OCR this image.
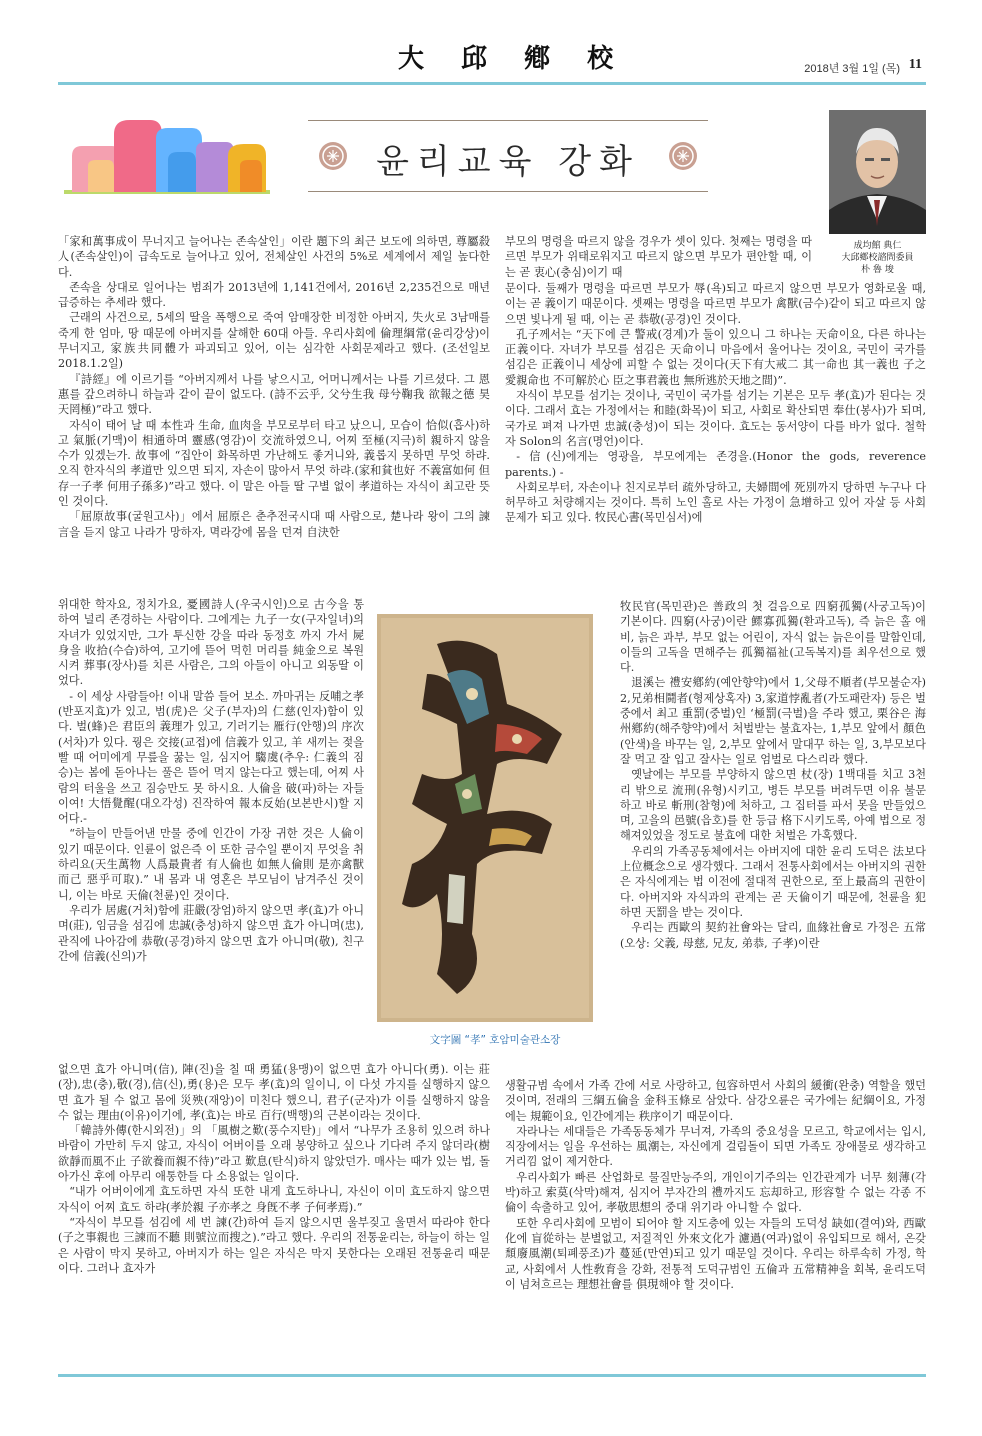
大 邱 鄕 校	2018년 3월 1일 (목) 11
윤리교육 강화
成均館 典仁
大邱鄕校諮問委員
朴 魯 埈

「家和萬事成이 무너지고 늘어나는 존속살인」이란 題下의 최근 보도에 의하면, 尊屬殺人(존속살인)이 급속도로 늘어나고 있어, 전체살인 사건의 5%로 세계에서 제일 높다한다.

존속을 상대로 일어나는 범죄가 2013년에 1,141건에서, 2016년 2,235건으로 매년 급증하는 추세라 했다.

근래의 사건으로, 5세의 딸을 폭행으로 죽여 암매장한 비정한 아버지, 失火로 3남매를 죽게 한 엄마, 땅 때문에 아버지를 살해한 60대 아들. 우리사회에 倫理綱常(윤리강상)이 무너지고, 家族共同體가 파괴되고 있어, 이는 심각한 사회문제라고 했다. (조선일보 2018.1.2일)

『詩經』에 이르기를 “아버지께서 나를 낳으시고, 어머니께서는 나를 기르셨다. 그 恩惠를 갚으려하니 하늘과 같이 끝이 없도다. (詩不云乎, 父兮生我 母兮鞠我 欲報之德 昊天罔極)”라고 했다.

자식이 태어 날 때 本性과 生命, 血肉을 부모로부터 타고 났으니, 모습이 恰似(흡사)하고 氣脈(기맥)이 相通하며 靈感(영감)이 交流하였으니, 어찌 至極(지극)히 親하지 않을 수가 있겠는가. 故事에 “집안이 화목하면 가난해도 좋거니와, 義롭지 못하면 무엇 하랴. 오직 한자식의 孝道만 있으면 되지, 자손이 많아서 무엇 하랴.(家和貧也好 不義富如何 但存一子孝 何用子孫多)”라고 했다. 이 말은 아들 딸 구별 없이 孝道하는 자식이 최고란 뜻인 것이다.

「屈原故事(굴원고사)」에서 屈原은 춘추전국시대 때 사람으로, 楚나라 왕이 그의 諫言을 듣지 않고 나라가 망하자, 멱라강에 몸을 던져 自決한

위대한 학자요, 정치가요, 憂國詩人(우국시인)으로 古今을 통하여 널리 존경하는 사람이다. 그에게는 九子一女(구자일녀)의 자녀가 있었지만, 그가 투신한 강을 따라 동정호 까지 가서 屍身을 收拾(수습)하여, 고기에 뜯어 먹힌 머리를 純金으로 복원시켜 葬事(장사)를 치른 사람은, 그의 아들이 아니고 외동딸 이었다.

- 이 세상 사람들아! 이내 말씀 들어 보소. 까마귀는 反哺之孝(반포지효)가 있고, 범(虎)은 父子(부자)의 仁慈(인자)함이 있다. 벌(蜂)은 君臣의 義理가 있고, 기러기는 雁行(안행)의 序次(서차)가 있다. 꿩은 交接(교접)에 信義가 있고, 羊 새끼는 젖을 빨 때 어미에게 무릎을 꿇는 일, 심지어 騶虞(추우: 仁義의 짐승)는 봄에 돋아나는 풀은 뜯어 먹지 않는다고 했는데, 어찌 사람의 터울을 쓰고 짐승만도 못 하시요. 人倫을 破(파)하는 자들이여! 大悟覺醒(대오각성) 진작하여 報本反始(보본반시)할 지어다.-

“하늘이 만들어낸 만물 중에 인간이 가장 귀한 것은 人倫이 있기 때문이다. 인륜이 없은즉 이 또한 금수일 뿐이지 무엇을 취 하리요(天生萬物 人爲最貴者 有人倫也 如無人倫則 是亦禽獸而己 惡乎可取).” 내 몸과 내 영혼은 부모님이 남겨주신 것이니, 이는 바로 天倫(천륜)인 것이다.

우리가 居處(거처)함에 莊嚴(장엄)하지 않으면 孝(효)가 아니며(莊), 임금을 섬김에 忠誠(충성)하지 않으면 효가 아니며(忠), 관직에 나아감에 恭敬(공경)하지 않으면 효가 아니며(敬), 친구 간에 信義(신의)가

없으면 효가 아니며(信), 陣(진)을 칠 때 勇猛(용맹)이 없으면 효가 아니다(勇). 이는 莊(장),忠(충),敬(경),信(신),勇(용)은 모두 孝(효)의 일이니, 이 다섯 가지를 실행하지 않으면 효가 될 수 없고 몸에 災殃(재앙)이 미친다 했으니, 君子(군자)가 이를 실행하지 않을 수 없는 理由(이유)이기에, 孝(효)는 바로 百行(백행)의 근본이라는 것이다.

「韓詩外傳(한시외전)」의 「風樹之歎(풍수지탄)」에서 “나무가 조용히 있으려 하나 바람이 가만히 두지 않고, 자식이 어버이를 오래 봉양하고 싶으나 기다려 주지 않더라(樹欲靜而風不止 子欲養而親不待)”라고 歎息(탄식)하지 않았던가. 매사는 때가 있는 법, 돌아가신 후에 아무리 애통한들 다 소용없는 일이다.

“내가 어버이에게 효도하면 자식 또한 내게 효도하나니, 자신이 이미 효도하지 않으면 자식이 어찌 효도 하랴(孝於親 子亦孝之 身旣不孝 子何孝焉).”

“자식이 부모를 섬김에 세 번 諫(간)하여 듣지 않으시면 울부짖고 울면서 따라야 한다(子之事親也 三諫而不聽 則號泣而搜之).”라고 했다. 우리의 전통윤리는, 하늘이 하는 일은 사람이 막지 못하고, 아버지가 하는 일은 자식은 막지 못한다는 오래된 전통윤리 때문이다. 그러나 효자가

文字圖 “孝” 호암미술관소장

부모의 명령을 따르지 않을 경우가 셋이 있다. 첫째는 명령을 따르면 부모가 위태로워지고 따르지 않으면 부모가 편안할 때, 이는 곧 衷心(충심)이기 때

문이다. 둘째가 명령을 따르면 부모가 辱(욕)되고 따르지 않으면 부모가 영화로울 때, 이는 곧 義이기 때문이다. 셋째는 명령을 따르면 부모가 禽獸(금수)같이 되고 따르지 않으면 빛나게 될 때, 이는 곧 恭敬(공경)인 것이다.

孔子께서는 “天下에 큰 警戒(경계)가 둘이 있으니 그 하나는 天命이요, 다른 하나는 正義이다. 자녀가 부모를 섬김은 天命이니 마음에서 울어나는 것이요, 국민이 국가를 섬김은 正義이니 세상에 피할 수 없는 것이다(天下有大戒二 其一命也 其一義也 子之愛親命也 不可解於心 臣之事君義也 無所逃於天地之間)”.

자식이 부모를 섬기는 것이나, 국민이 국가를 섬기는 기본은 모두 孝(효)가 된다는 것이다. 그래서 효는 가정에서는 和睦(화목)이 되고, 사회로 확산되면 奉仕(봉사)가 되며, 국가로 펴져 나가면 忠誠(충성)이 되는 것이다. 효도는 동서양이 다를 바가 없다. 철학자 Solon의 名言(명언)이다.

- 信(신)에게는 영광을, 부모에게는 존경을.(Honor the gods, reverence parents.) -

사회로부터, 자손이나 친지로부터 疏外당하고, 夫婦間에 死別까지 당하면 누구나 다 허무하고 처량해지는 것이다. 특히 노인 홀로 사는 가정이 急增하고 있어 자살 등 사회문제가 되고 있다. 牧民心書(목민심서)에

牧民官(목민관)은 善政의 첫 걸음으로 四窮孤獨(사궁고독)이 기본이다. 四窮(사궁)이란 鰥寡孤獨(환과고독), 즉 늙은 홀 애비, 늙은 과부, 부모 없는 어린이, 자식 없는 늙은이를 말함인데, 이들의 고독을 면해주는 孤獨福祉(고독복지)를 최우선으로 했다.

退溪는 禮安鄕約(예안향약)에서 1,父母不順者(부모불순자) 2,兄弟相鬪者(형제상혹자) 3,家道悖亂者(가도패란자) 등은 벌 중에서 최고 重罰(중벌)인 ‘極罰(극벌)을 주라 했고, 栗谷은 海州鄕約(해주향약)에서 처벌받는 불효자는, 1,부모 앞에서 顏色(안색)을 바꾸는 일, 2,부모 앞에서 말대꾸 하는 일, 3,부모보다 잘 먹고 잘 입고 잘사는 일로 엄벌로 다스리라 했다.

옛날에는 부모를 부양하지 않으면 杖(장) 1백대를 치고 3천리 밖으로 流刑(유형)시키고, 병든 부모를 버려두면 이유 불문 하고 바로 斬刑(참형)에 처하고, 그 집터를 파서 못을 만들었으며, 고을의 邑號(읍호)를 한 등급 格下시키도록, 아예 법으로 정해져있었을 정도로 불효에 대한 처벌은 가혹했다.

우리의 가족공동체에서는 아버지에 대한 윤리 도덕은 法보다 上位概念으로 생각했다. 그래서 전통사회에서는 아버지의 권한은 자식에게는 법 이전에 절대적 권한으로, 至上最高의 권한이다. 아버지와 자식과의 관계는 곧 天倫이기 때문에, 천륜을 犯하면 天罰을 받는 것이다.

우리는 西歐의 契約社會와는 달리, 血緣社會로 가정은 五常(오상: 父義, 母慈, 兄友, 弟恭, 子孝)이란

생활규범 속에서 가족 간에 서로 사랑하고, 包容하면서 사회의 緩衝(완충) 역할을 했던 것이며, 전래의 三綱五倫을 金科玉條로 삼았다. 삼강오륜은 국가에는 紀綱이요, 가정에는 規範이요, 인간에게는 秩序이기 때문이다.

자라나는 세대들은 가족동동체가 무너져, 가족의 중요성을 모르고, 학교에서는 입시, 직장에서는 일을 우선하는 風潮는, 자신에게 걸림돌이 되면 가족도 장애물로 생각하고 거리낌 없이 제거한다.

우리사회가 빠른 산업화로 물질만능주의, 개인이기주의는 인간관계가 너무 刻薄(각박)하고 索莫(삭막)해져, 심지어 부자간의 禮까지도 忘却하고, 形容할 수 없는 각종 不倫이 속출하고 있어, 孝敬思想의 중대 위기라 아니할 수 없다.

또한 우리사회에 모범이 되어야 할 지도층에 있는 자들의 도덕성 缺如(결여)와, 西歐化에 盲從하는 분별없고, 저질적인 外來文化가 濾過(여과)없이 유입되므로 해서, 온갖 頹廢風潮(퇴폐풍조)가 蔓延(만연)되고 있기 때문일 것이다. 우리는 하루속히 가정, 학교, 사회에서 人性敎育을 강화, 전통적 도덕규범인 五倫과 五常精神을 회복, 윤리도덕이 넘쳐흐르는 理想社會를 俱現해야 할 것이다.
